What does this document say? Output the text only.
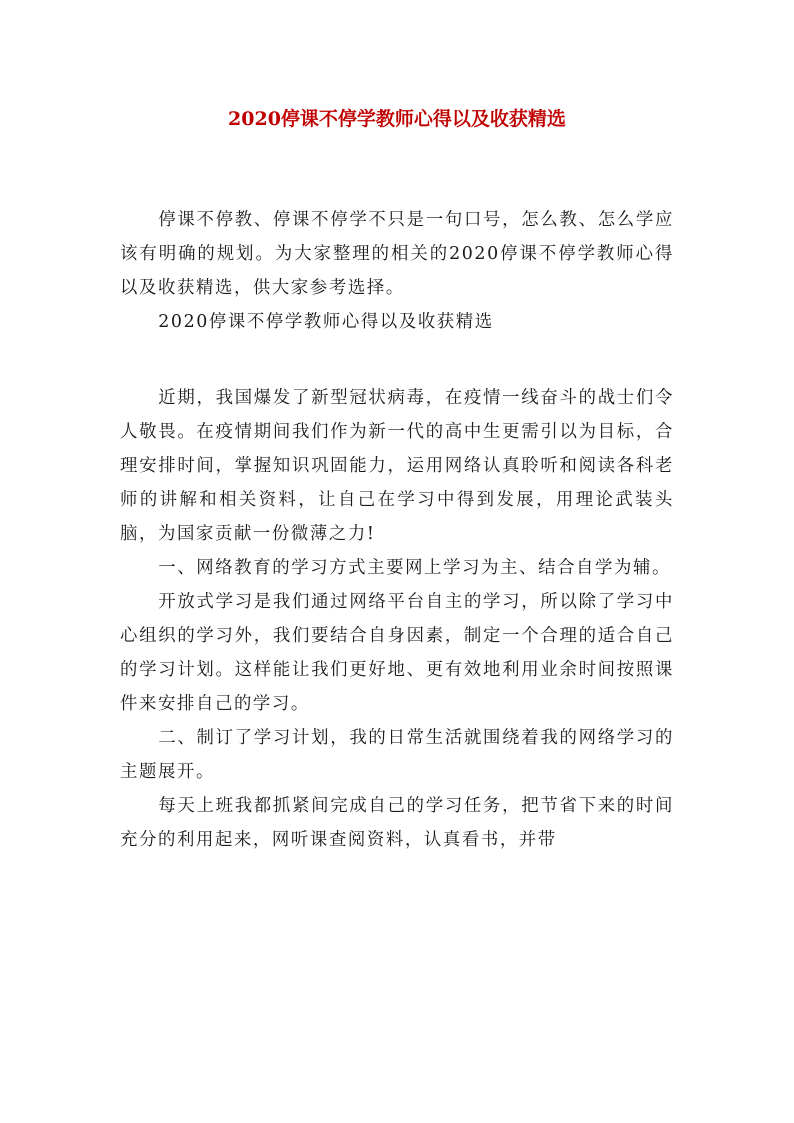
2020停课不停学教师心得以及收获精选

停课不停教、停课不停学不只是一句口号，怎么教、怎么学应该有明确的规划。为大家整理的相关的2020停课不停学教师心得以及收获精选，供大家参考选择。

2020停课不停学教师心得以及收获精选

近期，我国爆发了新型冠状病毒，在疫情一线奋斗的战士们令人敬畏。在疫情期间我们作为新一代的高中生更需引以为目标，合理安排时间，掌握知识巩固能力，运用网络认真聆听和阅读各科老师的讲解和相关资料，让自己在学习中得到发展，用理论武装头脑，为国家贡献一份微薄之力!

一、网络教育的学习方式主要网上学习为主、结合自学为辅。

开放式学习是我们通过网络平台自主的学习，所以除了学习中心组织的学习外，我们要结合自身因素，制定一个合理的适合自己的学习计划。这样能让我们更好地、更有效地利用业余时间按照课件来安排自己的学习。

二、制订了学习计划，我的日常生活就围绕着我的网络学习的主题展开。

每天上班我都抓紧间完成自己的学习任务，把节省下来的时间充分的利用起来，网听课查阅资料，认真看书，并带
